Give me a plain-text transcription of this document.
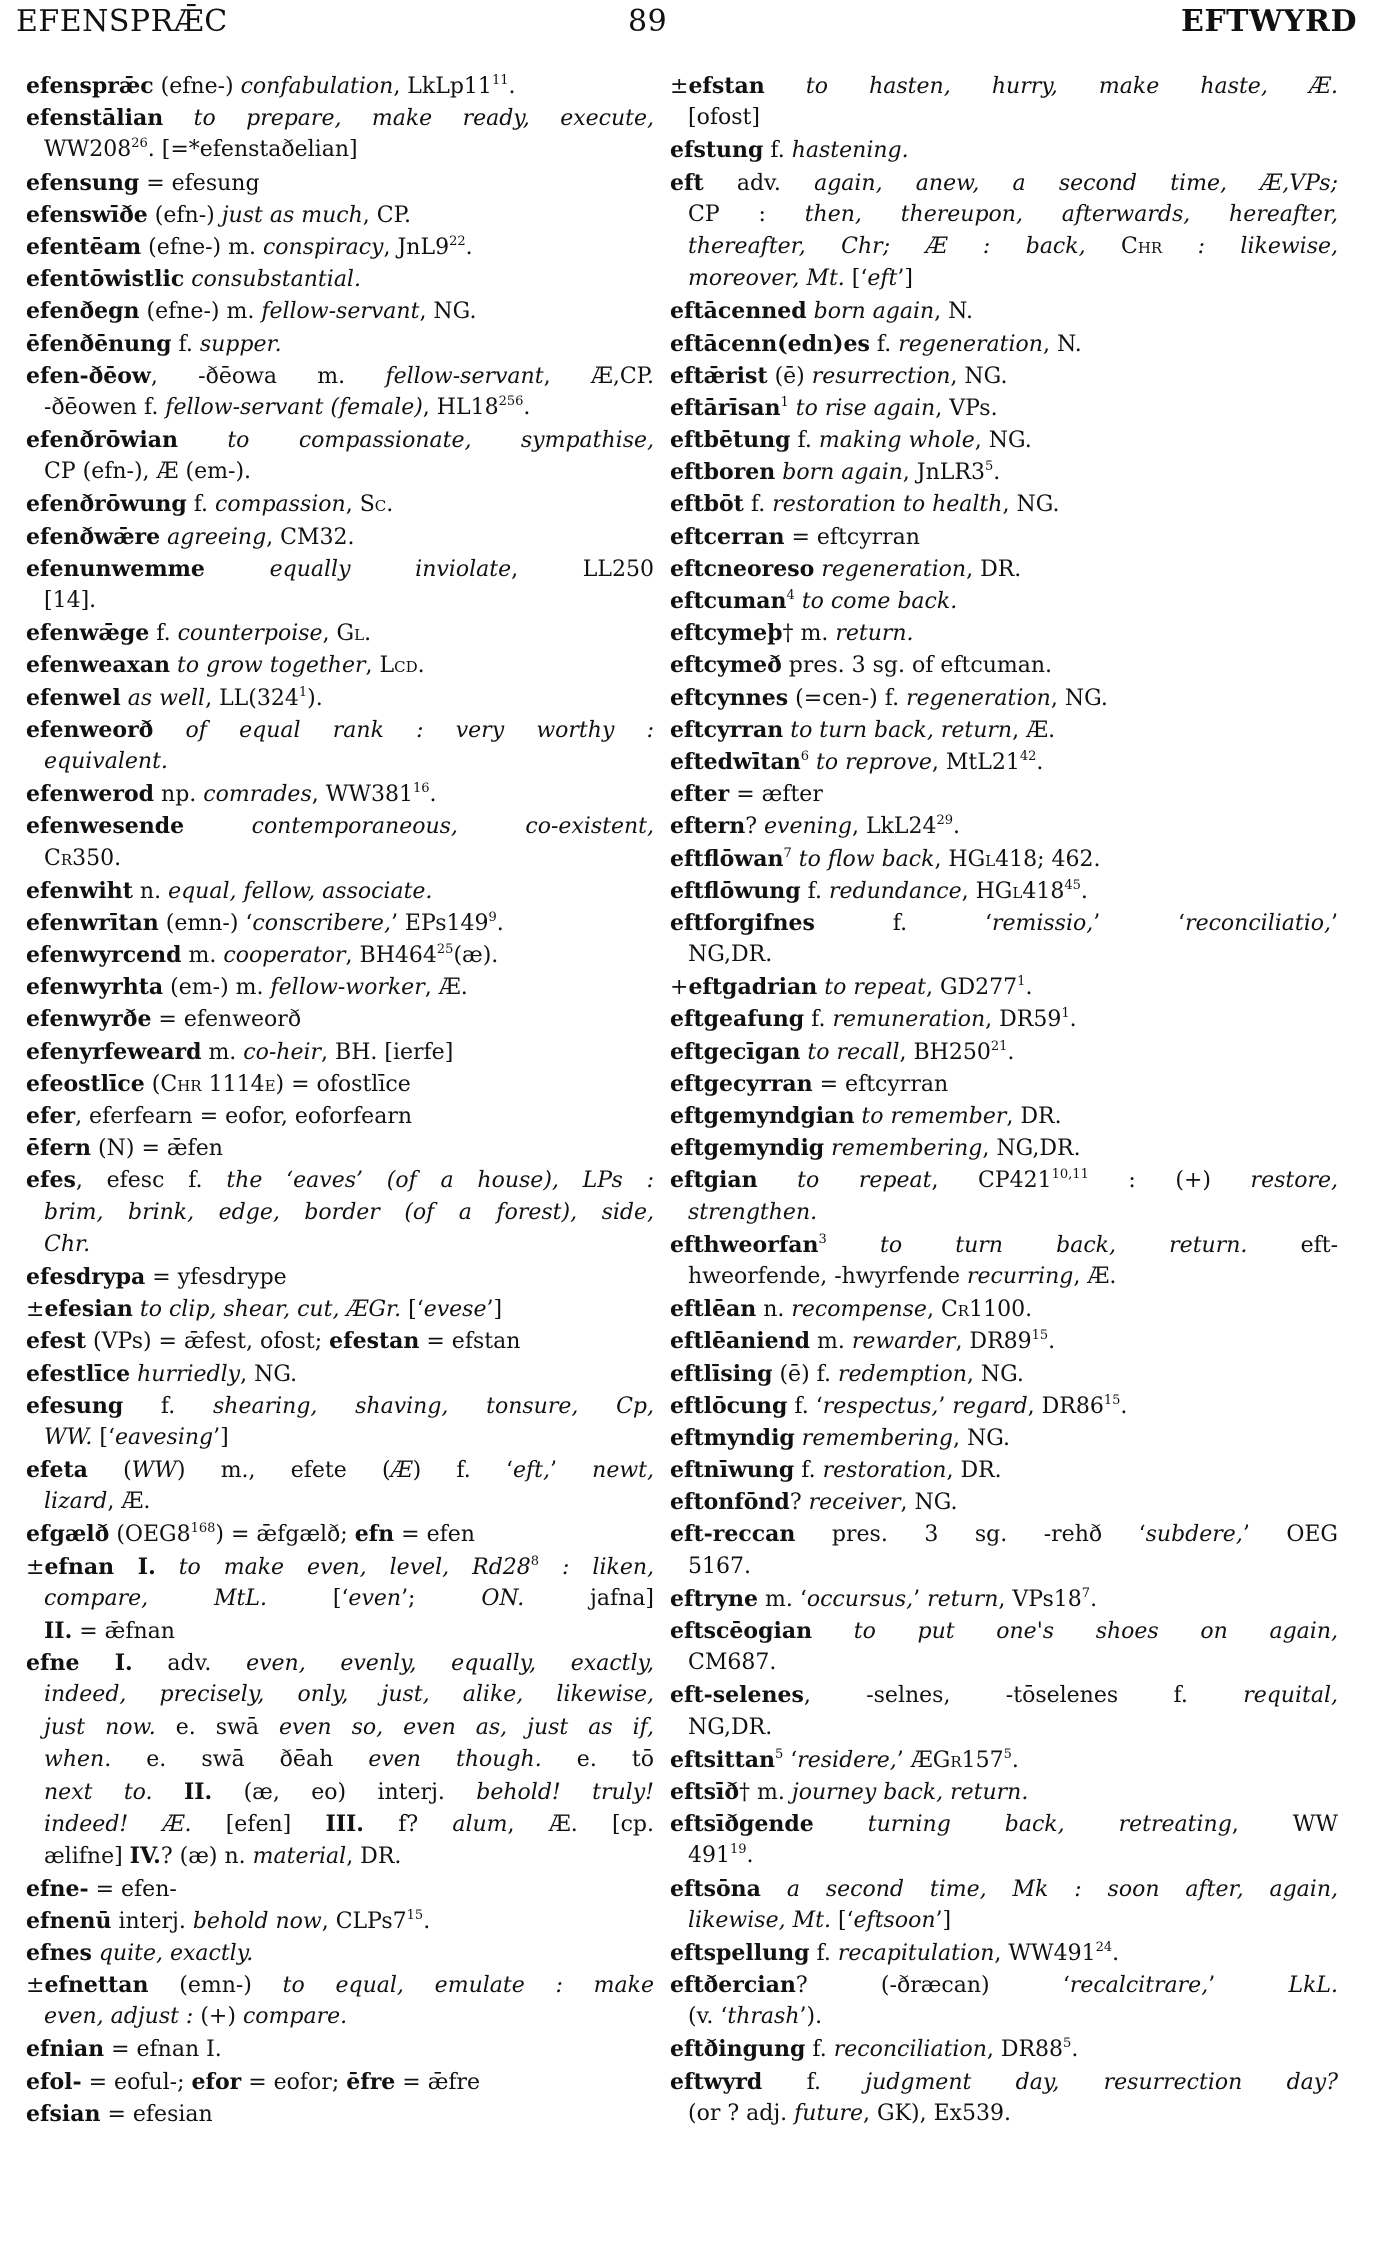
EFENSPRǢC	89	EFTWYRD
efensprǣc (efne-) confabulation, $LkLp11^{11}$.
efenstālian to prepare, make ready, execute,
$WW208^{26}$. [=*efenstaðelian]
efensung = efesung
efenswīðe (efn-) just as much, CP.
efentēam (efne-) m. conspiracy, $JnL9^{22}$.
efentōwistlic consubstantial.
efenðegn (efne-) m. fellow-servant, NG.
ēfenðēnung f. supper.
efen-ðēow, -ðēowa m. fellow-servant, Æ,CP.
-ðēowen f. fellow-servant (female), $HL18^{256}$.
efenðrōwian to compassionate, sympathise,
CP (efn-), Æ (em-).
efenðrōwung f. compassion, Sc.
efenðwǣre agreeing, CM32.
efenunwemme equally inviolate, LL250
[14].
efenwǣge f. counterpoise, Gl.
efenweaxan to grow together, Lcd.
efenwel as well, $LL(324^1)$.
efenweorð of equal rank : very worthy :
equivalent.
efenwerod np. comrades, $WW381^{16}$.
efenwesende contemporaneous, co-existent,
Cr350.
efenwiht n. equal, fellow, associate.
efenwrītan (emn-) ‘conscribere,’ $EPs149^9$.
efenwyrcend m. cooperator, $BH464^{25}(æ)$.
efenwyrhta (em-) m. fellow-worker, Æ.
efenwyrðe = efenweorð
efenyrfeweard m. co-heir, BH. [ierfe]
efeostlīce (Chr 1114e) = ofostlīce
efer, eferfearn = eofor, eoforfearn
ēfern (N) = ǣfen
efes, efesc f. the ‘eaves’ (of a house), LPs :
brim, brink, edge, border (of a forest), side,
Chr.
efesdrypa = yfesdrype
±efesian to clip, shear, cut, ÆGr. [‘evese’]
efest (VPs) = ǣfest, ofost; efestan = efstan
efestlīce hurriedly, NG.
efesung f. shearing, shaving, tonsure, Cp,
WW. [‘eavesing’]
efeta (WW) m., efete (Æ) f. ‘eft,’ newt,
lizard, Æ.
efgælð $(OEG8^{168})$ = ǣfgælð; efn = efen
±efnan I. to make even, level, $Rd28^8$ : liken,
compare, MtL. [‘even’; ON. jafna]
II. = ǣfnan
efne I. adv. even, evenly, equally, exactly,
indeed, precisely, only, just, alike, likewise,
just now. e. swā even so, even as, just as if,
when. e. swā ðēah even though. e. tō
next to. II. (æ, eo) interj. behold! truly!
indeed! Æ. [efen] III. f? alum, Æ. [cp.
ælifne] IV.? (æ) n. material, DR.
efne- = efen-
efnenū interj. behold now, $CLPs7^{15}$.
efnes quite, exactly.
±efnettan (emn-) to equal, emulate : make
even, adjust : (+) compare.
efnian = efnan I.
efol- = eoful-; efor = eofor; ēfre = ǣfre
efsian = efesian
±efstan to hasten, hurry, make haste, Æ.
[ofost]
efstung f. hastening.
eft adv. again, anew, a second time, Æ,VPs;
CP : then, thereupon, afterwards, hereafter,
thereafter, Chr; Æ : back, Chr : likewise,
moreover, Mt. [‘eft’]
eftācenned born again, N.
eftācenn(edn)es f. regeneration, N.
eftǣrist (ē) resurrection, NG.
eftārīsan$^1$ to rise again, VPs.
eftbētung f. making whole, NG.
eftboren born again, $JnLR3^5$.
eftbōt f. restoration to health, NG.
eftcerran = eftcyrran
eftcneoreso regeneration, DR.
eftcuman$^4$ to come back.
eftcymeþ† m. return.
eftcymeð pres. 3 sg. of eftcuman.
eftcynnes (=cen-) f. regeneration, NG.
eftcyrran to turn back, return, Æ.
eftedwītan$^6$ to reprove, $MtL21^{42}$.
efter = æfter
eftern? evening, $LkL24^{29}$.
eftflōwan$^7$ to flow back, HGl418; 462.
eftflōwung f. redundance, $HGl418^{45}$.
eftforgifnes f. ‘remissio,’ ‘reconciliatio,’
NG,DR.
+eftgadrian to repeat, $GD277^1$.
eftgeafung f. remuneration, $DR59^1$.
eftgecīgan to recall, $BH250^{21}$.
eftgecyrran = eftcyrran
eftgemyndgian to remember, DR.
eftgemyndig remembering, NG,DR.
eftgian to repeat, CP421$^{10,11}$ : (+) restore,
strengthen.
efthweorfan$^3$ to turn back, return. eft-
hweorfende, -hwyrfende recurring, Æ.
eftlēan n. recompense, Cr1100.
eftlēaniend m. rewarder, $DR89^{15}$.
eftlīsing (ē) f. redemption, NG.
eftlōcung f. ‘respectus,’ regard, $DR86^{15}$.
eftmyndig remembering, NG.
eftnīwung f. restoration, DR.
eftonfōnd? receiver, NG.
eft-reccan pres. 3 sg. -rehð ‘subdere,’ OEG
5167.
eftryne m. ‘occursus,’ return, $VPs18^7$.
eftscēogian to put one's shoes on again,
CM687.
eft-selenes, -selnes, -tōselenes f. requital,
NG,DR.
eftsittan$^5$ ‘residere,’ $ÆGr157^5$.
eftsīð† m. journey back, return.
eftsīðgende turning back, retreating, WW
$491^{19}$.
eftsōna a second time, Mk : soon after, again,
likewise, Mt. [‘eftsoon’]
eftspellung f. recapitulation, $WW491^{24}$.
eftðercian? (-ðræcan) ‘recalcitrare,’ LkL.
(v. ‘thrash’).
eftðingung f. reconciliation, $DR88^5$.
eftwyrd f. judgment day, resurrection day?
(or ? adj. future, GK), Ex539.
